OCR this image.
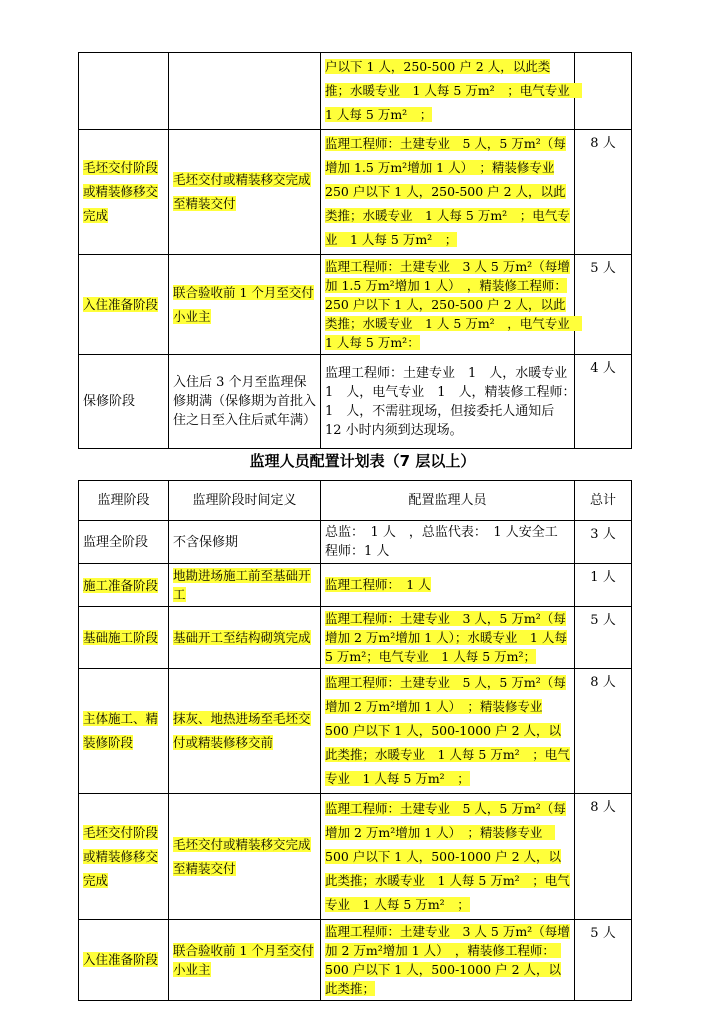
		户以下 1 人，250-500 户 2 人，以此类推；水暖专业　1 人每 5 万m²　；电气专业　1 人每 5 万m²　；	
毛坯交付阶段或精装修移交完成	毛坯交付或精装移交完成至精装交付	监理工程师：土建专业　5 人，5 万m²（每增加 1.5 万m²增加 1 人）　；精装修专业 250 户以下 1 人，250-500 户 2 人，以此类推；水暖专业　1 人每 5 万m²　；电气专业　1 人每 5 万m²　；	8 人
入住准备阶段	联合验收前 1 个月至交付小业主	监理工程师：土建专业　3 人 5 万m²（每增加 1.5 万m²增加 1 人）　，精装修工程师：250 户以下 1 人，250-500 户 2 人，以此类推；水暖专业　1 人 5 万m²　，电气专业　1 人每 5 万m²：	5 人
保修阶段	入住后 3 个月至监理保修期满（保修期为首批入住之日至入住后贰年满）	监理工程师：土建专业　1　人，水暖专业　1　人，电气专业　1　人，精装修工程师：　1　人，不需驻现场，但接委托人通知后 12 小时内须到达现场。	4 人
监理人员配置计划表（7 层以上）
监理阶段	监理阶段时间定义	配置监理人员	总计
监理全阶段	不含保修期	总监：　1 人　，总监代表：　1 人安全工程师：1 人	3 人
施工准备阶段	地勘进场施工前至基础开工	监理工程师：　1 人	1 人
基础施工阶段	基础开工至结构砌筑完成	监理工程师：土建专业　3 人，5 万m²（每增加 2 万m²增加 1 人）；水暖专业　1 人每 5 万m²；电气专业　1 人每 5 万m²；	5 人
主体施工、精装修阶段	抹灰、地热进场至毛坯交付或精装修移交前	监理工程师：土建专业　5 人，5 万m²（每增加 2 万m²增加 1 人）　；精装修专业 500 户以下 1 人，500-1000 户 2 人，以此类推；水暖专业　1 人每 5 万m²　；电气专业　1 人每 5 万m²　；	8 人
毛坯交付阶段或精装修移交完成	毛坯交付或精装移交完成至精装交付	监理工程师：土建专业　5 人，5 万m²（每增加 2 万m²增加 1 人）　；精装修专业　500 户以下 1 人，500-1000 户 2 人，以此类推；水暖专业　1 人每 5 万m²　；电气专业　1 人每 5 万m²　；	8 人
入住准备阶段	联合验收前 1 个月至交付小业主	监理工程师：土建专业　3 人 5 万m²（每增加 2 万m²增加 1 人）　，精装修工程师：　500 户以下 1 人，500-1000 户 2 人，以此类推；	5 人
